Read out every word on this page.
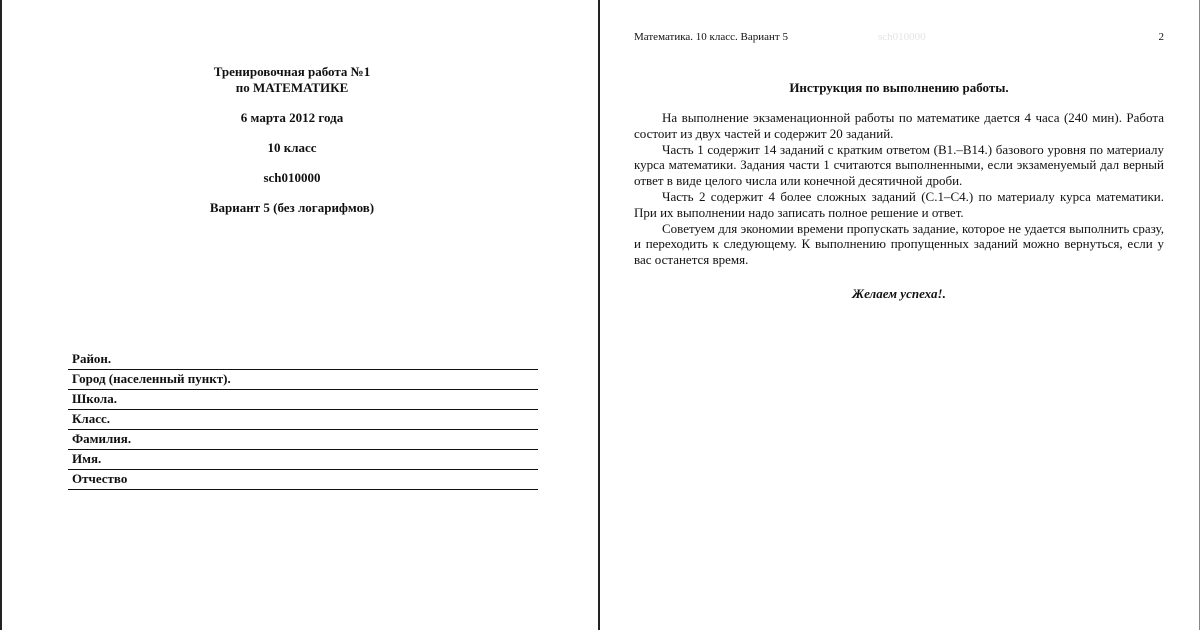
Тренировочная работа №1
по МАТЕМАТИКЕ
6 марта 2012 года
10 класс
sch010000
Вариант 5 (без логарифмов)
Район.
Город (населенный пункт).
Школа.
Класс.
Фамилия.
Имя.
Отчество
Математика. 10 класс. Вариант 5	sch010000	2
Инструкция по выполнению работы.

На выполнение экзаменационной работы по математике дается 4 часа (240 мин). Работа состоит из двух частей и содержит 20 заданий.

Часть 1 содержит 14 заданий с кратким ответом (В1.–В14.) базового уровня по материалу курса математики. Задания части 1 считаются выполненными, если экзаменуемый дал верный ответ в виде целого числа или конечной десятичной дроби.

Часть 2 содержит 4 более сложных заданий (С.1–С4.) по материалу курса математики. При их выполнении надо записать полное решение и ответ.

Советуем для экономии времени пропускать задание, которое не удается выполнить сразу, и переходить к следующему. К выполнению пропущенных заданий можно вернуться, если у вас останется время.

Желаем успеха!.
